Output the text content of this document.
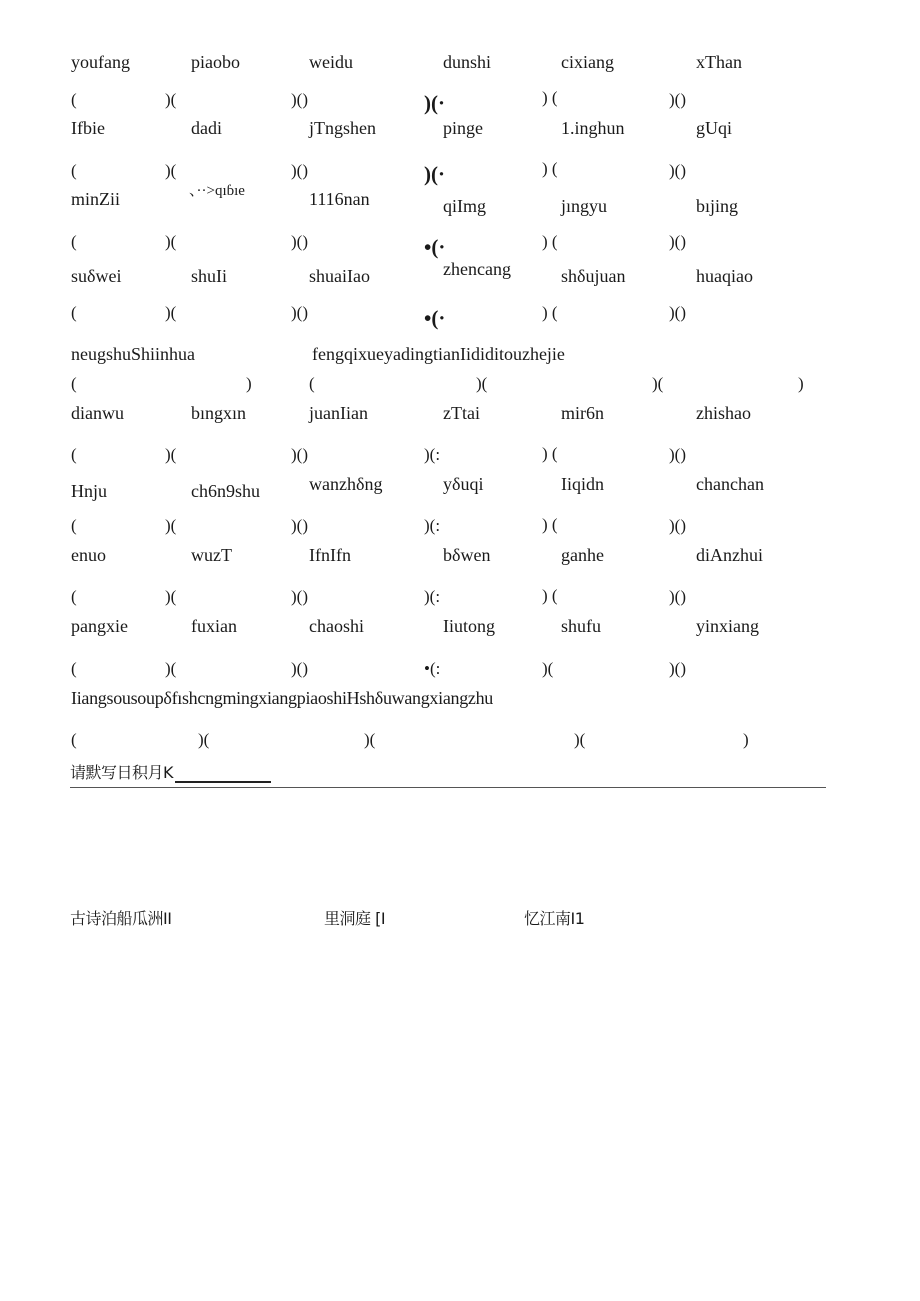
youfang	piaobo	weidu	dunshi	cixiang	xThan
(	)(	)()	)(·	) (	)()
Ifbie	dadi	jTngshen	pinge	1.inghun	gUqi
(	)(	)()	)(·	) (	)()
minZii	、··>qıɓıe	1116nan	qiImg	jıngyu	bıjing
(	)(	)()	•(·	) (	)()
suδwei	shuIi	shuaiIao	zhencang	shδujuan	huaqiao
(	)(	)()	•(·	) (	)()
neugshuShiinhua	fengqixueyadingtianIididitouzhejie
(	)	(	)(	)(	)
dianwu	bıngxın	juanIian	zTtai	mir6n	zhishao
(	)(	)()	)(:	) (	)()
Hnju	ch6n9shu	wanzhδng	yδuqi	Iiqidn	chanchan
(	)(	)()	)(:	) (	)()
enuo	wuzT	IfnIfn	bδwen	ganhe	diAnzhui
(	)(	)()	)(:	) (	)()
pangxie	fuxian	chaoshi	Iiutong	shufu	yinxiang
(	)(	)()	•(:	)(	)()
IiangsousoupδfıshcngmingxiangpiaoshiHshδuwangxiangzhu
(	)(	)(	)(	)
请默写日积月K
古诗泊船瓜洲II	里洞庭 [I	忆江南I1
